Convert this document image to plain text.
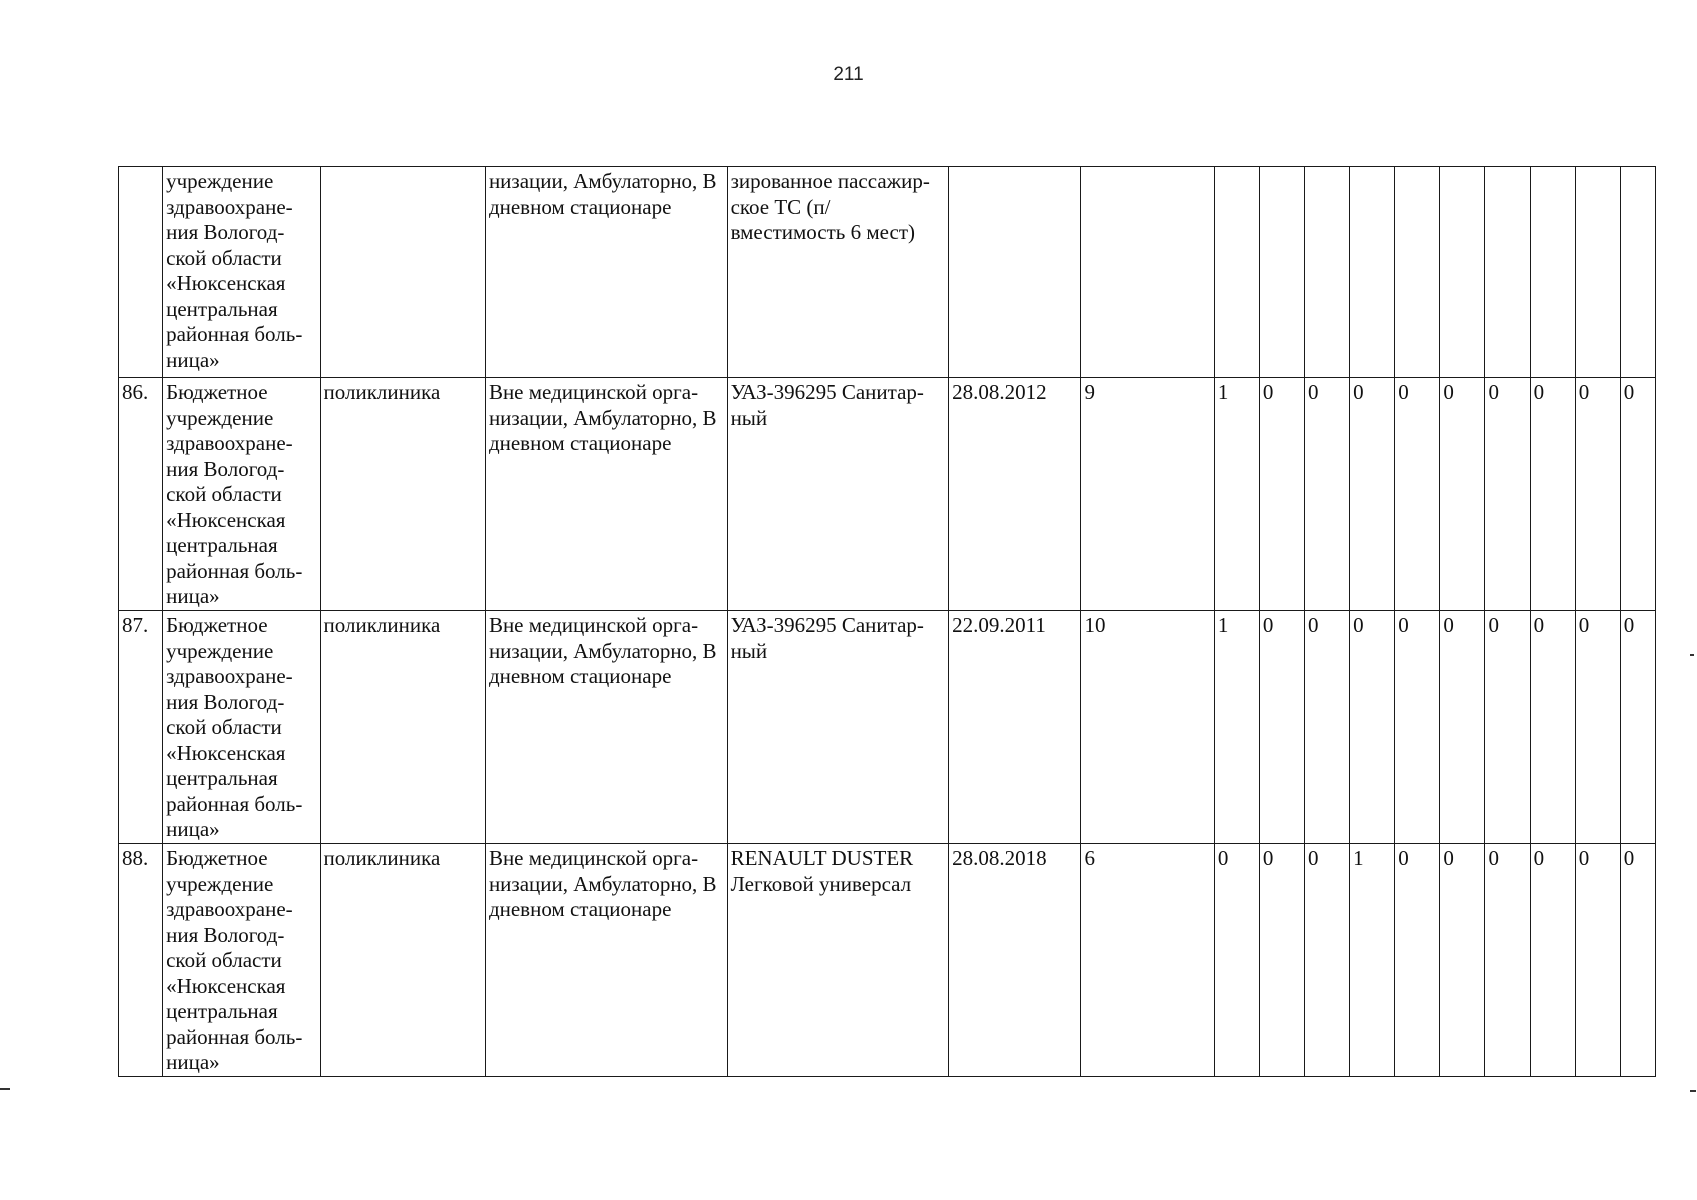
211
	учреждение здравоохране- ния Вологод- ской области «Нюксенская центральная районная боль- ница»		низации, Амбулаторно, В дневном стационаре	зированное пассажир- ское ТС (п/вместимость 6 мест)												
86.	Бюджетное учреждение здравоохране- ния Вологод- ской области «Нюксенская центральная районная боль- ница»	поликлиника	Вне медицинской орга- низации, Амбулаторно, В дневном стационаре	УАЗ-396295 Санитар- ный	28.08.2012	9	1	0	0	0	0	0	0	0	0	0
87.	Бюджетное учреждение здравоохране- ния Вологод- ской области «Нюксенская центральная районная боль- ница»	поликлиника	Вне медицинской орга- низации, Амбулаторно, В дневном стационаре	УАЗ-396295 Санитар- ный	22.09.2011	10	1	0	0	0	0	0	0	0	0	0
88.	Бюджетное учреждение здравоохране- ния Вологод- ской области «Нюксенская центральная районная боль- ница»	поликлиника	Вне медицинской орга- низации, Амбулаторно, В дневном стационаре	RENAULT DUSTER Легковой универсал	28.08.2018	6	0	0	0	1	0	0	0	0	0	0
